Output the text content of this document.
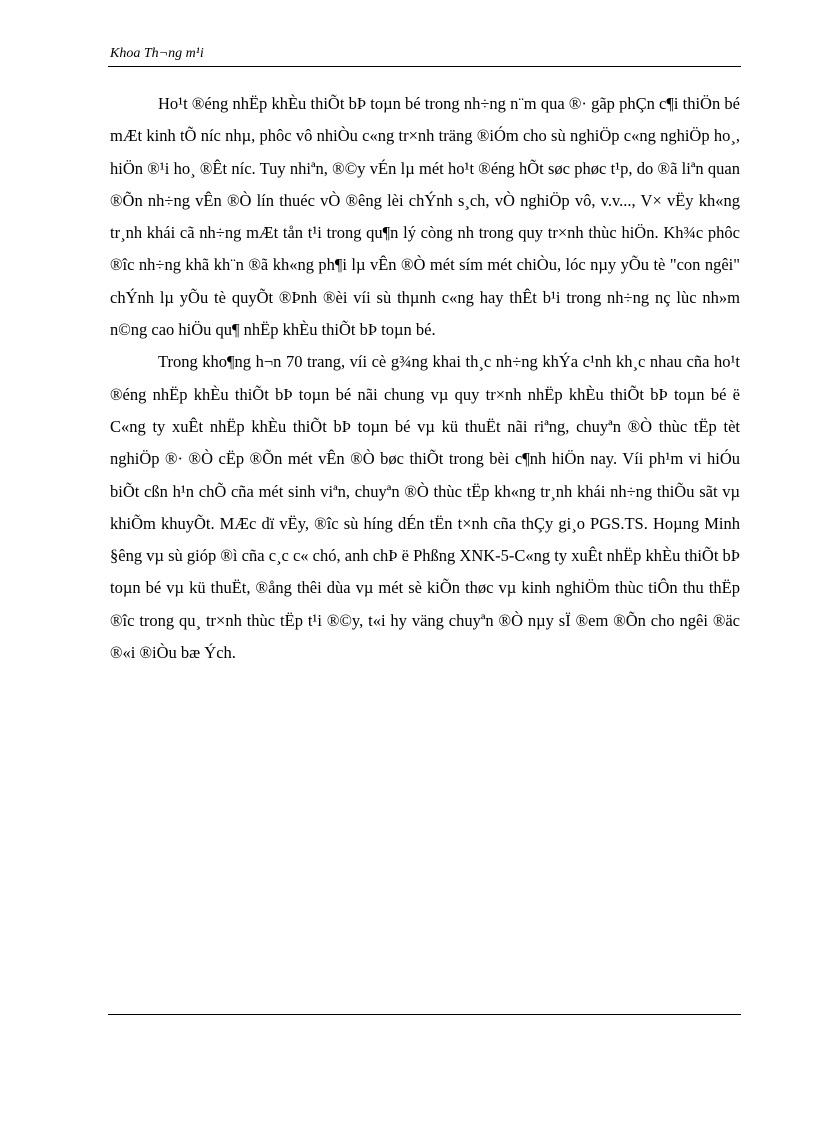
Khoa Th¬ng m¹i

Ho¹t ®éng nhËp khÈu thiÕt bÞ toµn bé trong nh÷ng n¨m qua ®· gãp phÇn c¶i thiÖn bé mÆt kinh tÕ níc nhµ, phôc vô nhiÒu c«ng tr×nh träng ®iÓm cho sù nghiÖp c«ng nghiÖp ho¸, hiÖn ®¹i ho¸ ®Êt níc. Tuy nhiªn, ®©y vÉn lµ mét ho¹t ®éng hÕt søc phøc t¹p, do ®ã liªn quan ®Õn nh÷ng vÊn ®Ò lín thuéc vÒ ®êng lèi chÝnh s¸ch, vÒ nghiÖp vô, v.v..., V× vËy kh«ng tr¸nh khái cã nh÷ng mÆt tån t¹i trong qu¶n lý còng nh trong quy tr×nh thùc hiÖn. Kh¾c phôc ®îc nh÷ng khã kh¨n ®ã kh«ng ph¶i lµ vÊn ®Ò mét sím mét chiÒu, lóc nµy yÕu tè "con ngêi" chÝnh lµ yÕu tè quyÕt ®Þnh ®èi víi sù thµnh c«ng hay thÊt b¹i trong nh÷ng nç lùc nh»m n©ng cao hiÖu qu¶ nhËp khÈu thiÕt bÞ toµn bé.

Trong kho¶ng h¬n 70 trang, víi cè g¾ng khai th¸c nh÷ng khÝa c¹nh kh¸c nhau cña ho¹t ®éng nhËp khÈu thiÕt bÞ toµn bé nãi chung vµ quy tr×nh nhËp khÈu thiÕt bÞ toµn bé ë C«ng ty xuÊt nhËp khÈu thiÕt bÞ toµn bé vµ kü thuËt nãi riªng, chuyªn ®Ò thùc tËp tèt nghiÖp ®· ®Ò cËp ®Õn mét vÊn ®Ò bøc thiÕt trong bèi c¶nh hiÖn nay. Víi ph¹m vi hiÓu biÕt cßn h¹n chÕ cña mét sinh viªn, chuyªn ®Ò thùc tËp kh«ng tr¸nh khái nh÷ng thiÕu sãt vµ khiÕm khuyÕt. MÆc dï vËy, ®îc sù híng dÉn tËn t×nh cña thÇy gi¸o PGS.TS. Hoµng Minh §êng vµ sù gióp ®ì cña c¸c c« chó, anh chÞ ë Phßng XNK-5-C«ng ty xuÊt nhËp khÈu thiÕt bÞ toµn bé vµ kü thuËt, ®ång thêi dùa vµ mét sè kiÕn thøc vµ kinh nghiÖm thùc tiÔn thu thËp ®îc trong qu¸ tr×nh thùc tËp t¹i ®©y, t«i hy väng chuyªn ®Ò nµy sÏ ®em ®Õn cho ngêi ®äc ®«i ®iÒu bæ Ých.
